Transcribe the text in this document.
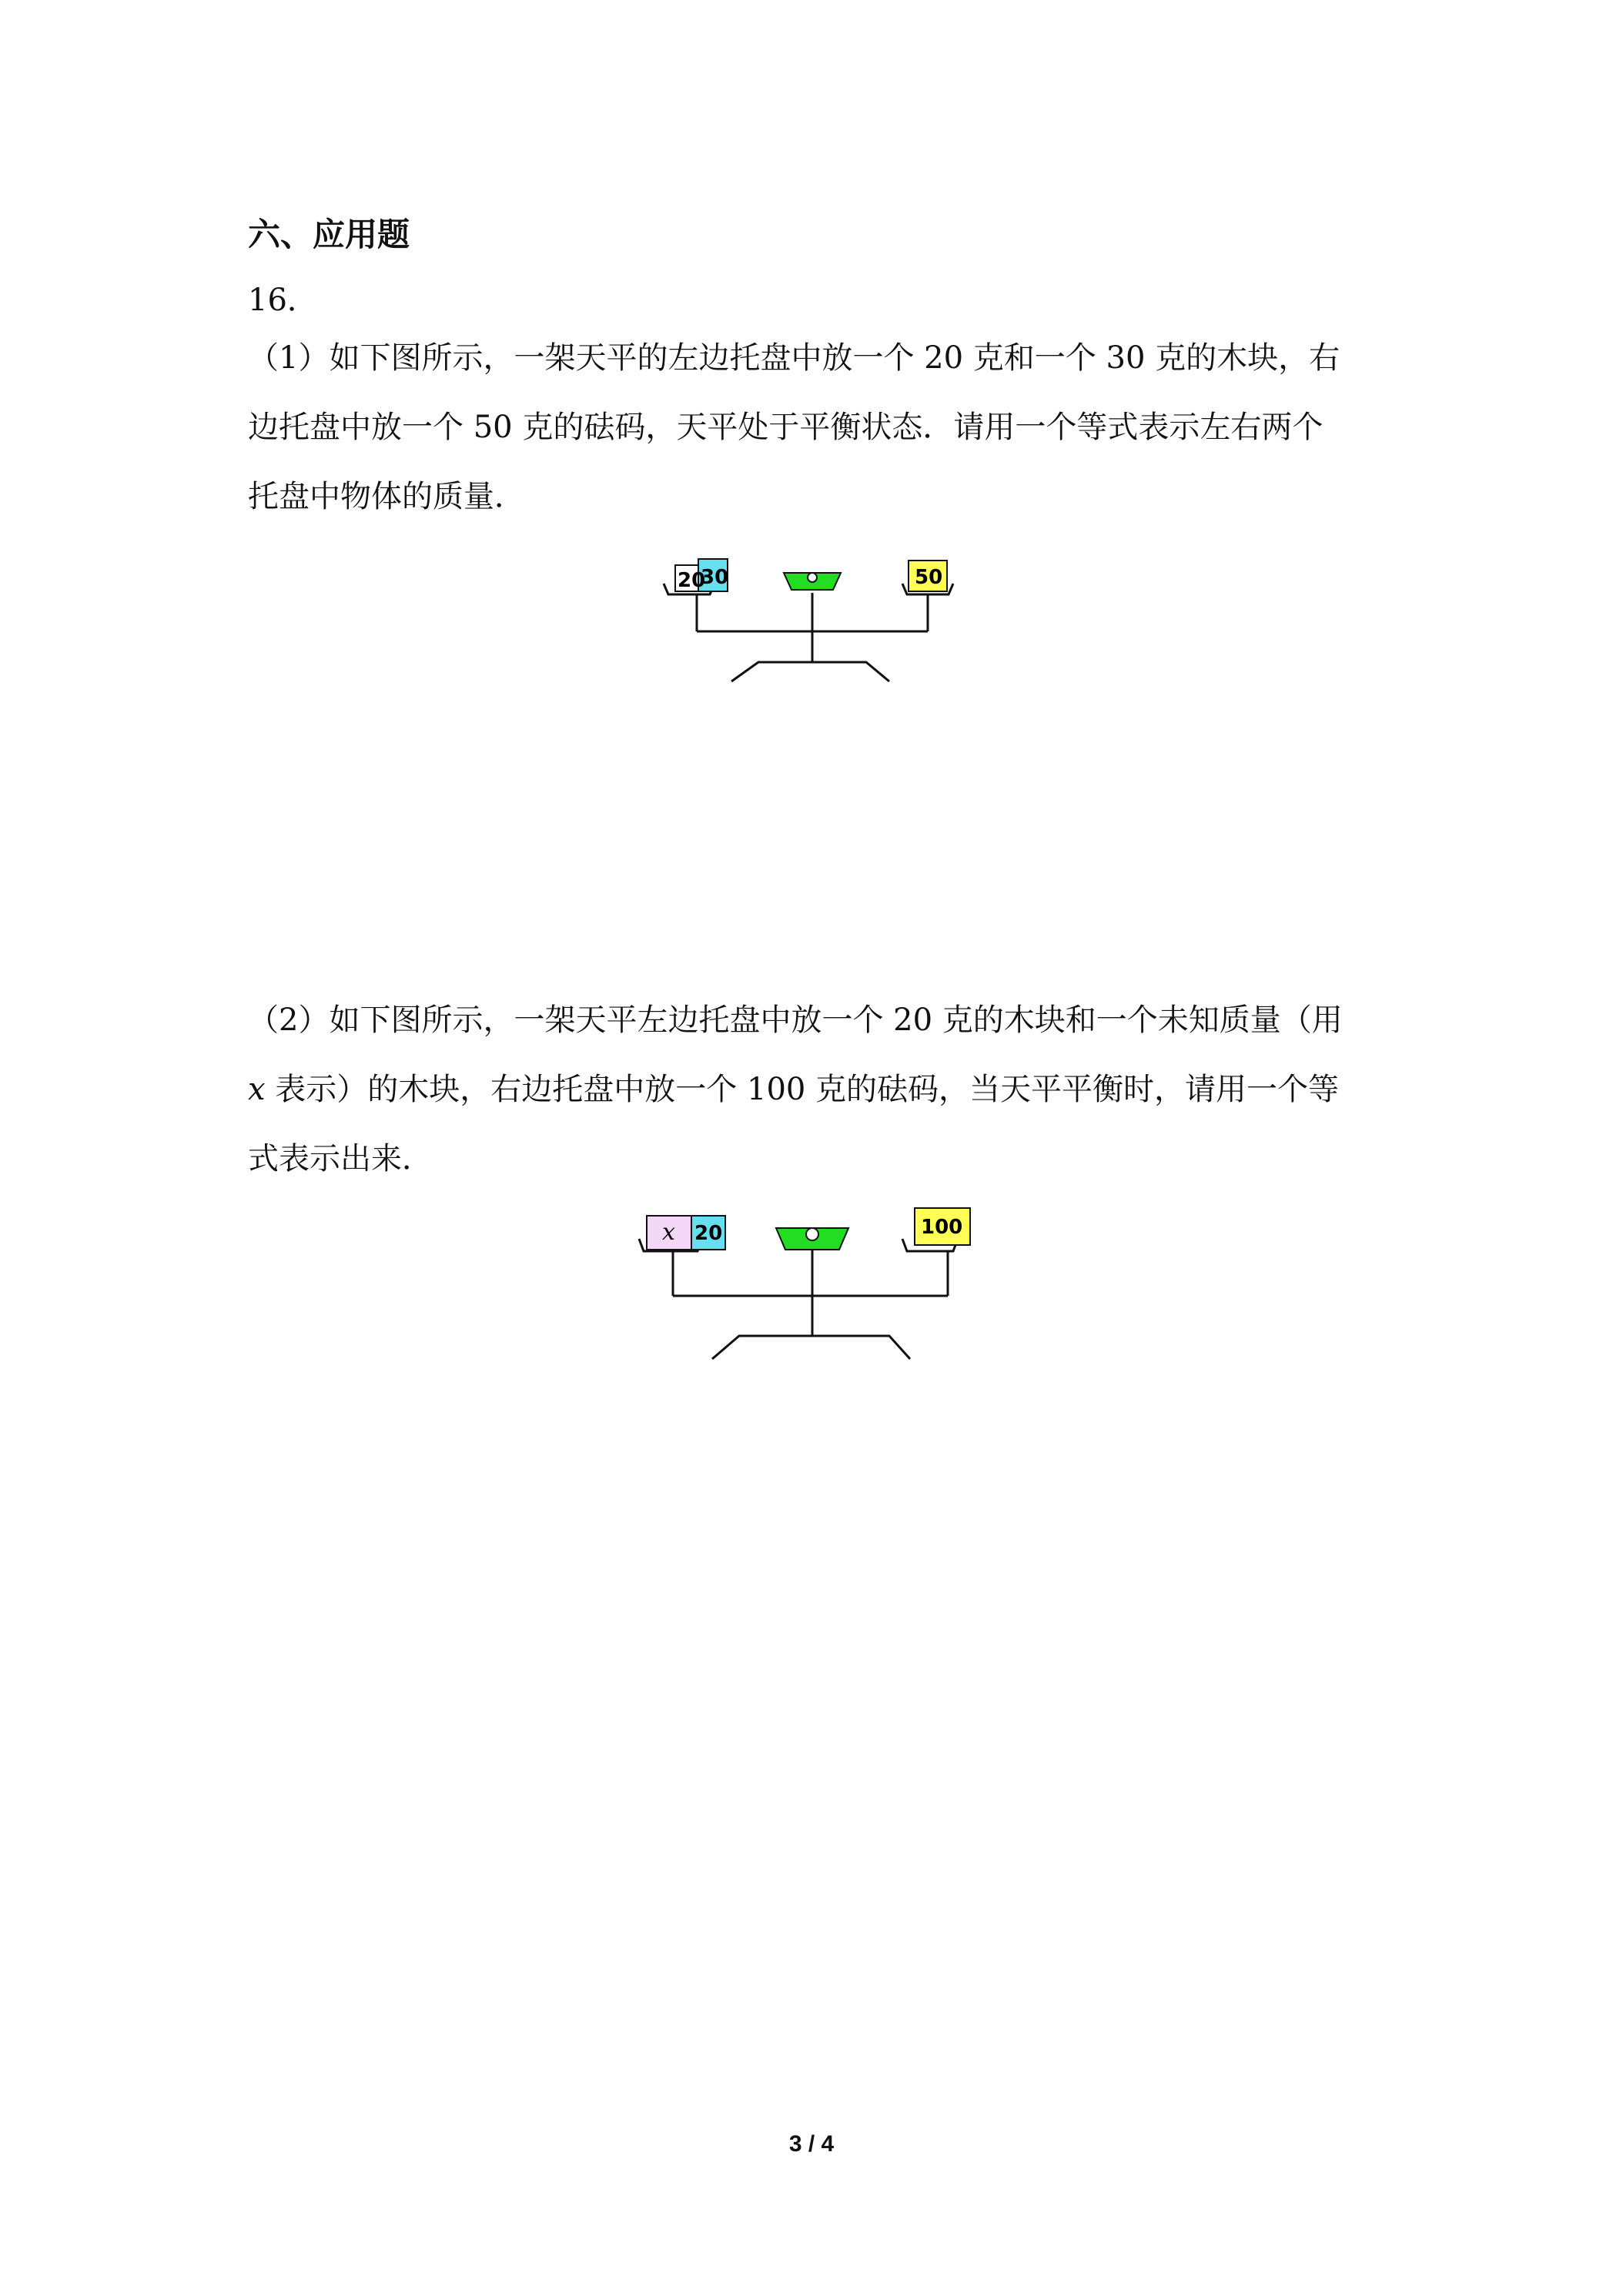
六、应用题
16．

（1）如下图所示，一架天平的左边托盘中放一个 20 克和一个 30 克的木块，右

边托盘中放一个 50 克的砝码，天平处于平衡状态．请用一个等式表示左右两个

托盘中物体的质量．

20
30	50

（2）如下图所示，一架天平左边托盘中放一个 20 克的木块和一个未知质量（用

x 表示）的木块，右边托盘中放一个 100 克的砝码，当天平平衡时，请用一个等

式表示出来．

x 20	100
3 / 4
